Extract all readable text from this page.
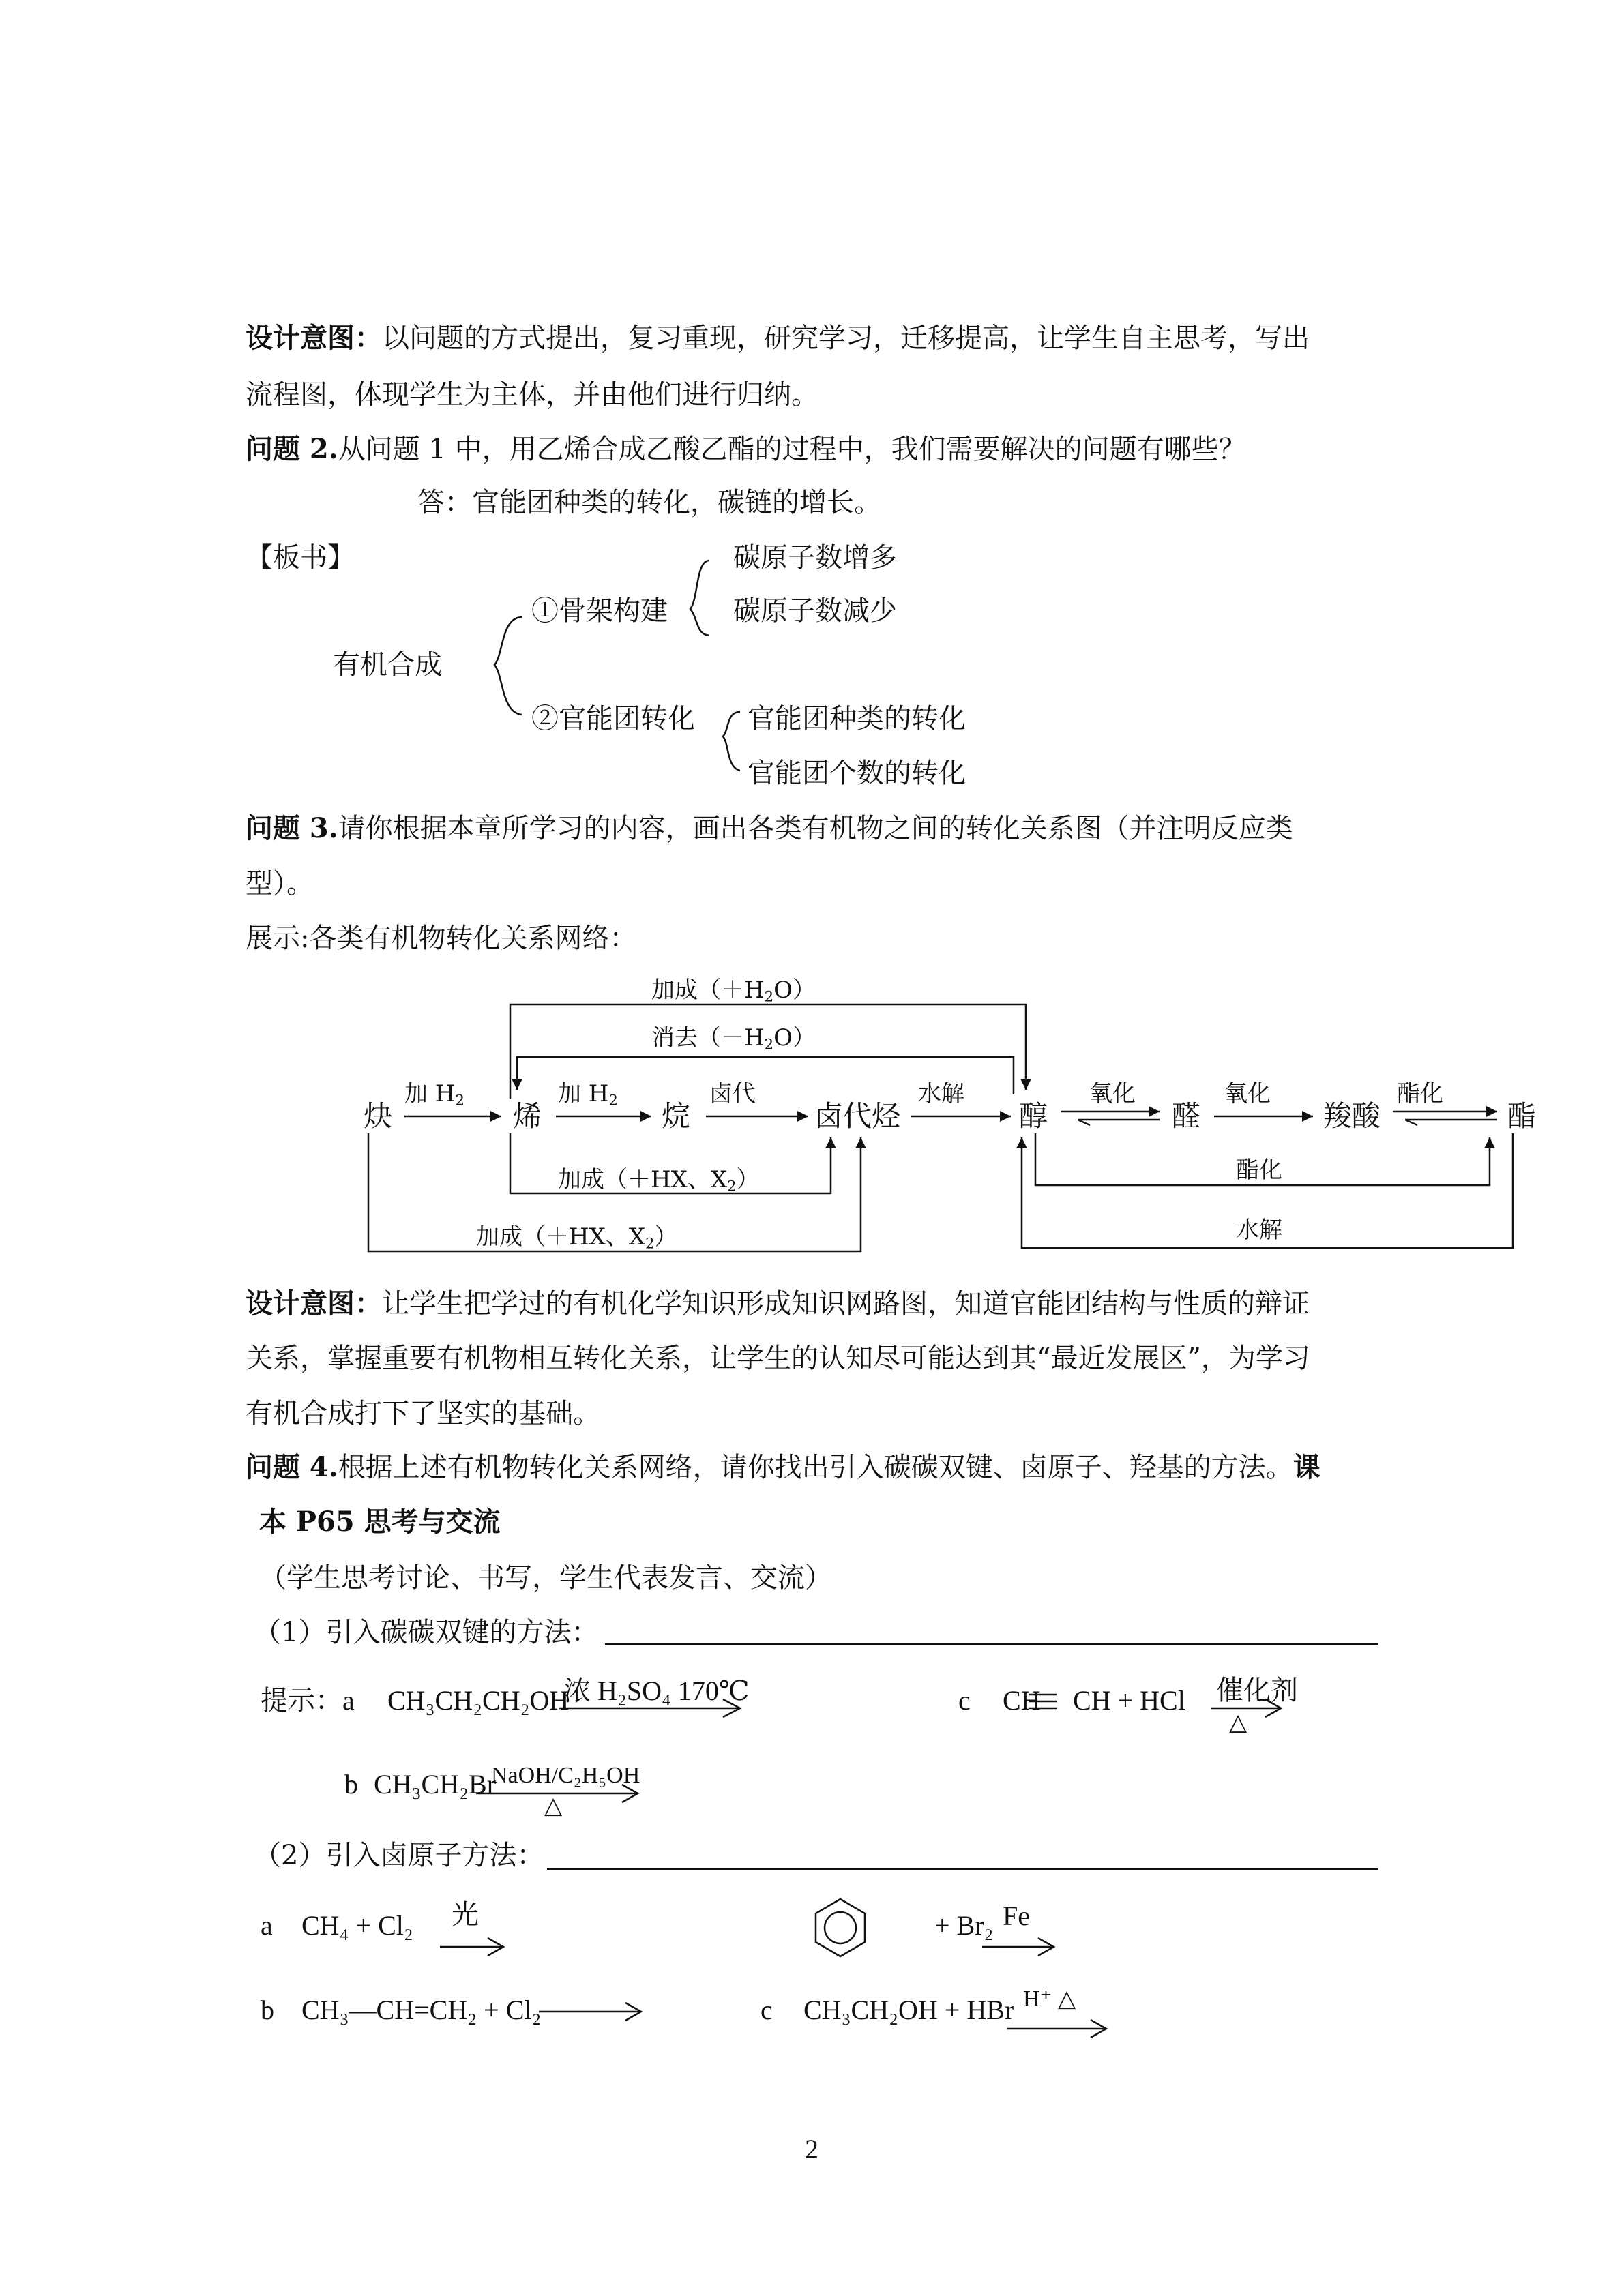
设计意图：以问题的方式提出，复习重现，研究学习，迁移提高，让学生自主思考，写出
流程图，体现学生为主体，并由他们进行归纳。
问题 2.从问题 1 中，用乙烯合成乙酸乙酯的过程中，我们需要解决的问题有哪些？
答：官能团种类的转化，碳链的增长。
【板书】
有机合成
①骨架构建
碳原子数增多
碳原子数减少
②官能团转化 官能团种类的转化
官能团个数的转化
问题 3.请你根据本章所学习的内容，画出各类有机物之间的转化关系图（并注明反应类
型）。
展示:各类有机物转化关系网络：
炔	烯	烷	卤代烃	醇	醛	羧酸	酯
加 $H_2$	加 $H_2$	卤代	水解	氧化	氧化	酯化
加成$(+H_2O)$
消去$(-H_2O)$
加成（＋HX、$X_2$）
加成（＋HX、$X_2$）
酯化
水解
设计意图：让学生把学过的有机化学知识形成知识网路图，知道官能团结构与性质的辩证
关系，掌握重要有机物相互转化关系，让学生的认知尽可能达到其“最近发展区”，为学习
有机合成打下了坚实的基础。
问题 4.根据上述有机物转化关系网络，请你找出引入碳碳双键、卤原子、羟基的方法。课
本 P65 思考与交流
（学生思考讨论、书写，学生代表发言、交流）
（1）引入碳碳双键的方法：
提示：a CH₃CH₂CH₂OH
浓 H₂SO₄ 170℃	c CH CH + HCl 催化剂
△
b CH₃CH₂Br
NaOH/C₂H₅OH
△
（2）引入卤原子方法：
a CH₄ + Cl₂ 光	+ Br₂ Fe
b CH₃—CH=CH₂ + Cl₂	c CH₃CH₂OH + HBr H⁺ △
2
